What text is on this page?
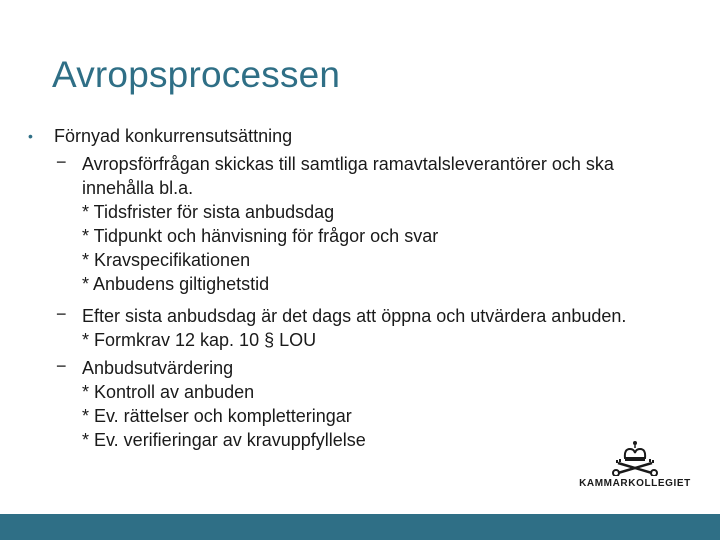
Avropsprocessen
• Förnyad konkurrensutsättning
− Avropsförfrågan skickas till samtliga ramavtalsleverantörer och ska
innehålla bl.a.
* Tidsfrister för sista anbudsdag
* Tidpunkt och hänvisning för frågor och svar
* Kravspecifikationen
* Anbudens giltighetstid
− Efter sista anbudsdag är det dags att öppna och utvärdera anbuden.
* Formkrav 12 kap. 10 § LOU
− Anbudsutvärdering
* Kontroll av anbuden
* Ev. rättelser och kompletteringar
* Ev. verifieringar av kravuppfyllelse
KAMMARKOLLEGIET
